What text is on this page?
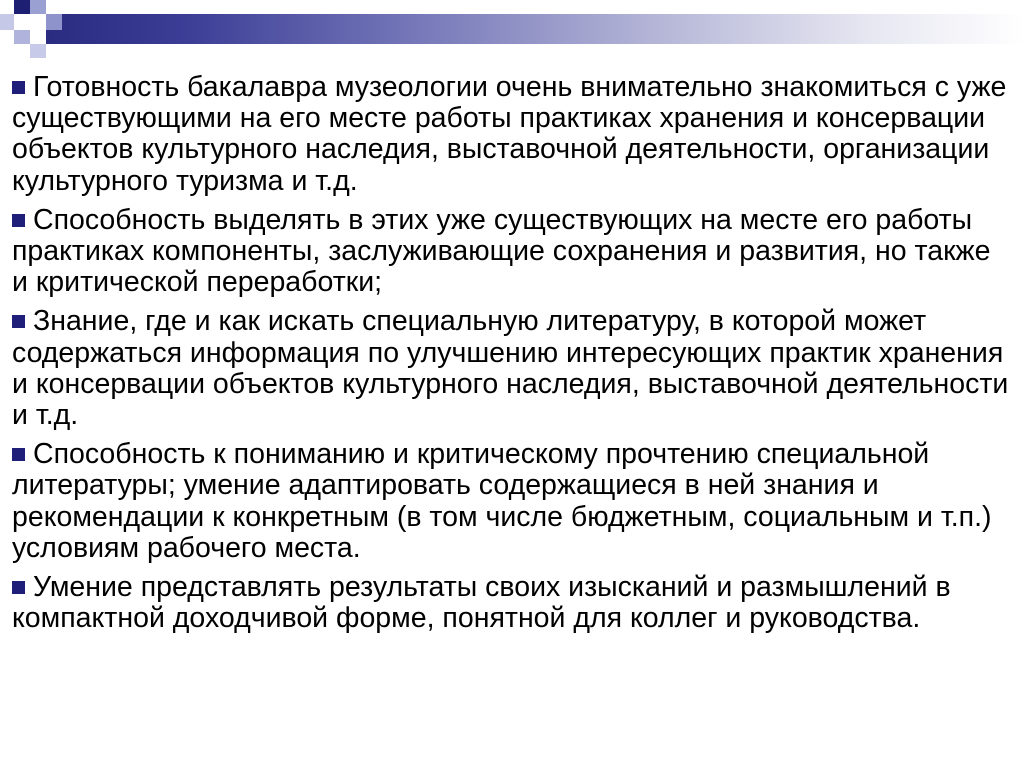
Готовность бакалавра музеологии очень внимательно знакомиться с уже существующими на его месте работы практиках хранения и консервации объектов культурного наследия, выставочной деятельности, организации культурного туризма и т.д.
Способность выделять в этих уже существующих на месте его работы практиках компоненты, заслуживающие сохранения и развития, но также и критической переработки;
Знание, где и как искать специальную литературу, в которой может содержаться информация по улучшению интересующих практик хранения и консервации объектов культурного наследия, выставочной деятельности и т.д.
Способность к пониманию и критическому прочтению специальной литературы; умение адаптировать содержащиеся в ней знания и рекомендации к конкретным (в том числе бюджетным, социальным и т.п.) условиям рабочего места.
Умение представлять результаты своих изысканий и размышлений в компактной доходчивой форме, понятной для коллег и руководства.
